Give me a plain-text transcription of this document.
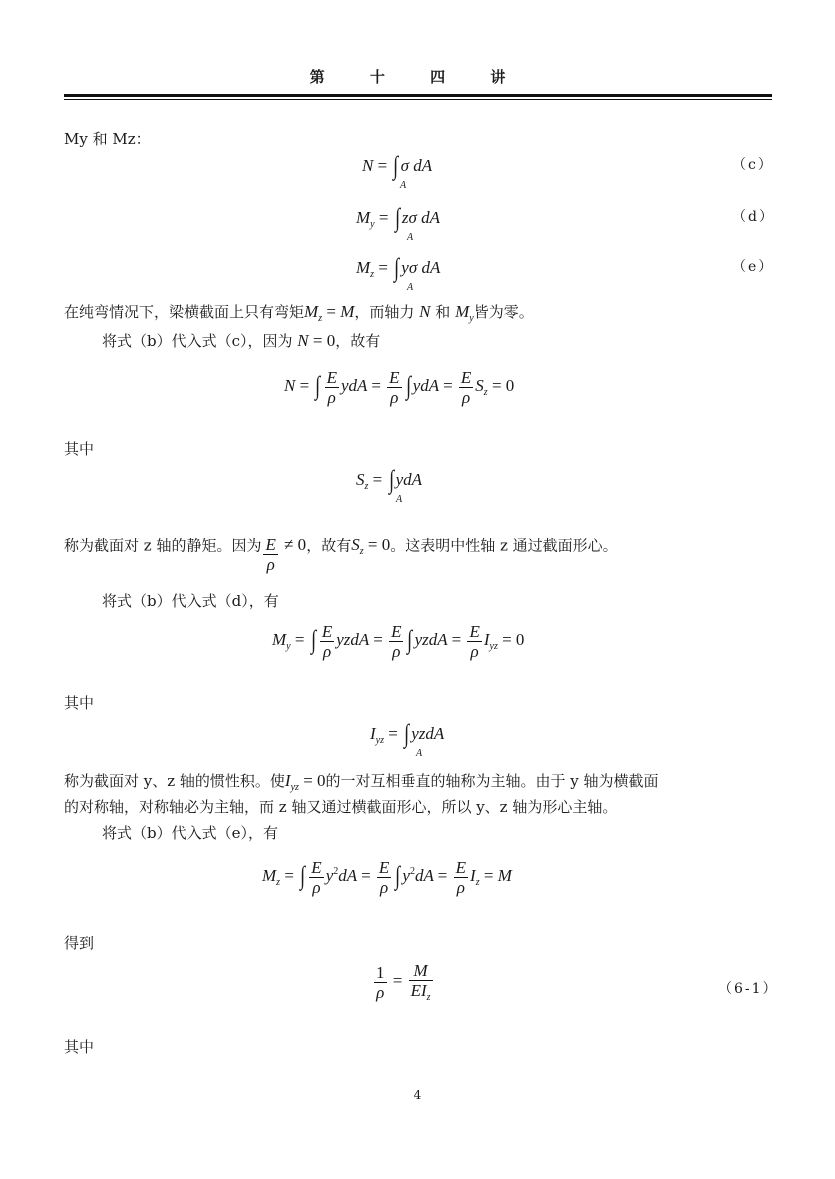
第 十 四 讲
My 和 Mz：
N = ∫ σ dA
A
（c）
$M_y$ = ∫ zσ dA
A
（d）
$M_z$ = ∫ yσ dA
A
（e）
在纯弯情况下，梁横截面上只有弯矩$M_z = M$，而轴力 N 和 $M_y$皆为零。
将式（b）代入式（c），因为 N = 0，故有
N = ∫ $\frac{E}{\rho}$ ydA = $\frac{E}{\rho}$ ∫ ydA = $\frac{E}{\rho} S_z = 0$
其中
$S_z$ = ∫ ydA
A
称为截面对 z 轴的静矩。因为 $\frac{E}{\rho} \ne 0$，故有$S_z = 0$。这表明中性轴 z 通过截面形心。
将式（b）代入式（d），有
$M_y$ = ∫ $\frac{E}{\rho}$ yzdA = $\frac{E}{\rho}$ ∫ yzdA = $\frac{E}{\rho} I_{yz} = 0$
其中
$I_{yz}$ = ∫ yzdA
A
称为截面对 y、z 轴的惯性积。使$I_{yz} = 0$的一对互相垂直的轴称为主轴。由于 y 轴为横截面
的对称轴，对称轴必为主轴，而 z 轴又通过横截面形心，所以 y、z 轴为形心主轴。
将式（b）代入式（e），有
$M_z$ = ∫ $\frac{E}{\rho} y^2dA = \frac{E}{\rho}$ ∫ $y^2dA = \frac{E}{\rho} I_z = M$
得到
$\frac{1}{\rho} = \frac{M}{EI_z}$	（6-1）
其中
4
